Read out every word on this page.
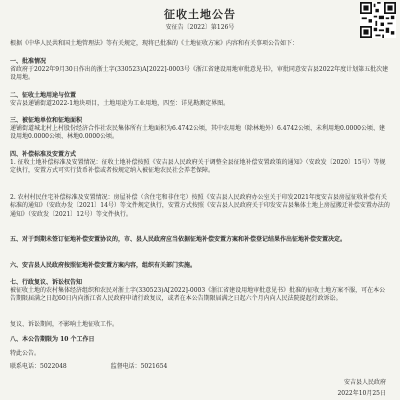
征收土地公告
安征告〔2022〕第126号
根据《中华人民共和国土地管理法》等有关规定，现将已批准的《土地征收方案》内容和有关事项公告如下：
一、批准情况
省政府于2022年9月30日作出的浙土字(330523)A[2022]-0003号《浙江省建设用地审批意见书》，审批同意安吉县2022年度计划第五批次建设用地。
二、征收土地用途与位置
安吉县递铺街道2022-1地块项目，土地用途为工业用地，四至：详见勘测定界图。
三、被征地单位和征地面积
递铺街道城北村上村股份经济合作社农民集体所有土地面积为6.4742公顷，其中农用地（除林地外）6.4742公顷、未利用地0.0000公顷、建设用地0.0000公顷、林地0.0000公顷。
四、补偿标准及安置方式
1. 征收土地补偿标准及安置情况：征收土地补偿按照《安吉县人民政府关于调整全县征地补偿安置政策的通知》（安政发〔2020〕15号）等规定执行，安置方式可实行货币补偿或者按规定纳入被征地农民社会养老保障。
2. 农村村民住宅补偿标准及安置情况：房屋补偿（含住宅和非住宅）按照《安吉县人民政府办公室关于印发2021年度安吉县房屋征收补偿有关标准的通知》（安政办发〔2021〕14号）等文件规定执行，安置方式按照《安吉县人民政府关于印发安吉县集体土地上房屋搬迁补偿安置办法的通知》（安政发〔2021〕12号）等文件执行。
五、对于到期未签订征地补偿安置协议的，市、县人民政府应当依据征地补偿安置方案和补偿登记结果作出征地补偿安置决定。
六、安吉县人民政府按照征地补偿安置方案内容，组织有关部门实施。
七、行政复议、诉讼权告知
被征收土地的农村集体经济组织和农民对浙土字(330523)A[2022]-0003《浙江省建设用地审批意见书》批准的征收土地方案不服，可在本公告期限届满之日起60日内向浙江省人民政府申请行政复议，或者在本公告期限届满之日起六个月内向人民法院提起行政诉讼。
复议、诉讼期间，不影响土地征收工作。
八、本公告期限为 10 个工作日
特此公告。
联系电话：5022048	监督电话：5021654
安吉县人民政府
2022年10月25日
